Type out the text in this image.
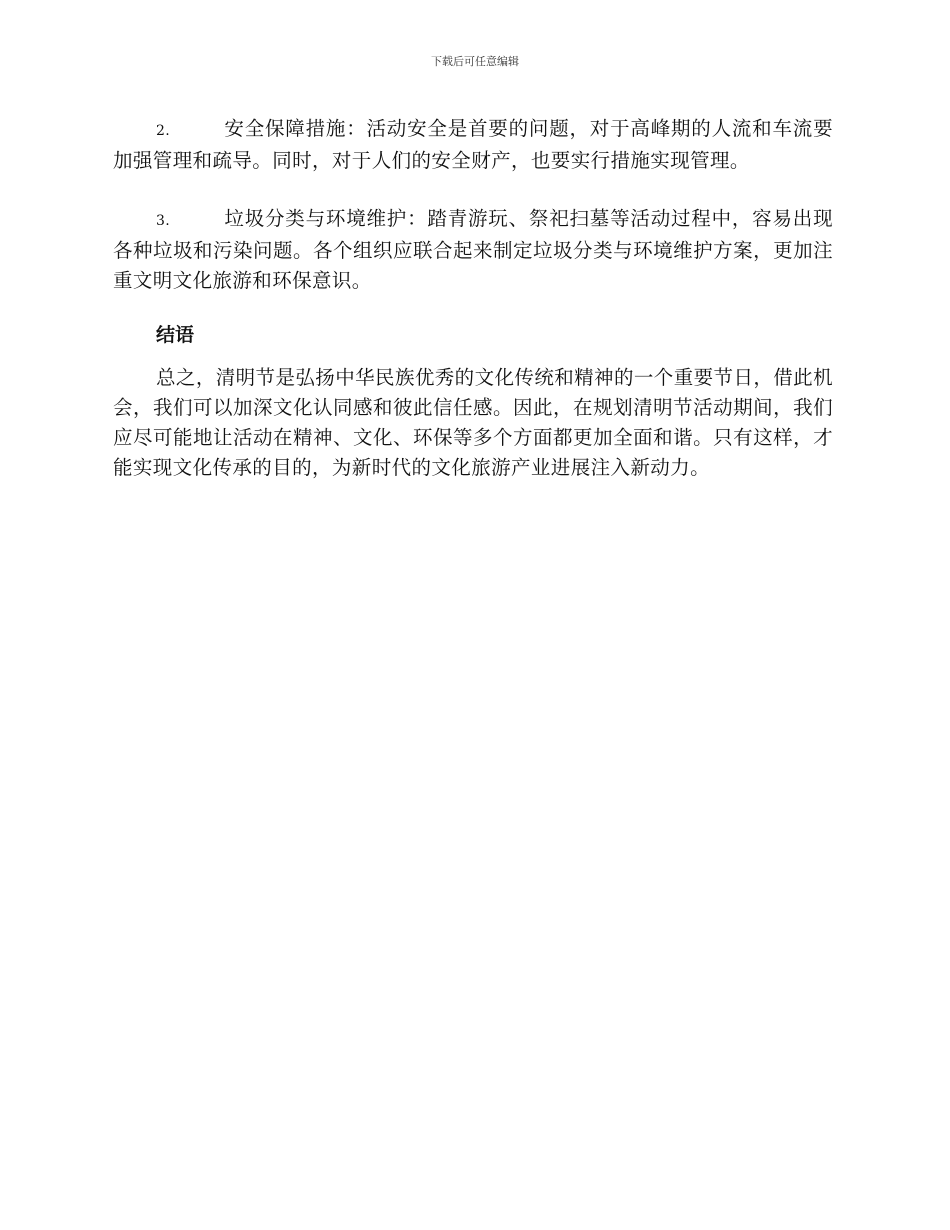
下载后可任意编辑

2.	安全保障措施：活动安全是首要的问题，对于高峰期的人流和车流要加强管理和疏导。同时，对于人们的安全财产，也要实行措施实现管理。

3.	垃圾分类与环境维护：踏青游玩、祭祀扫墓等活动过程中，容易出现各种垃圾和污染问题。各个组织应联合起来制定垃圾分类与环境维护方案，更加注重文明文化旅游和环保意识。

结语

总之，清明节是弘扬中华民族优秀的文化传统和精神的一个重要节日，借此机会，我们可以加深文化认同感和彼此信任感。因此，在规划清明节活动期间，我们应尽可能地让活动在精神、文化、环保等多个方面都更加全面和谐。只有这样，才能实现文化传承的目的，为新时代的文化旅游产业进展注入新动力。
